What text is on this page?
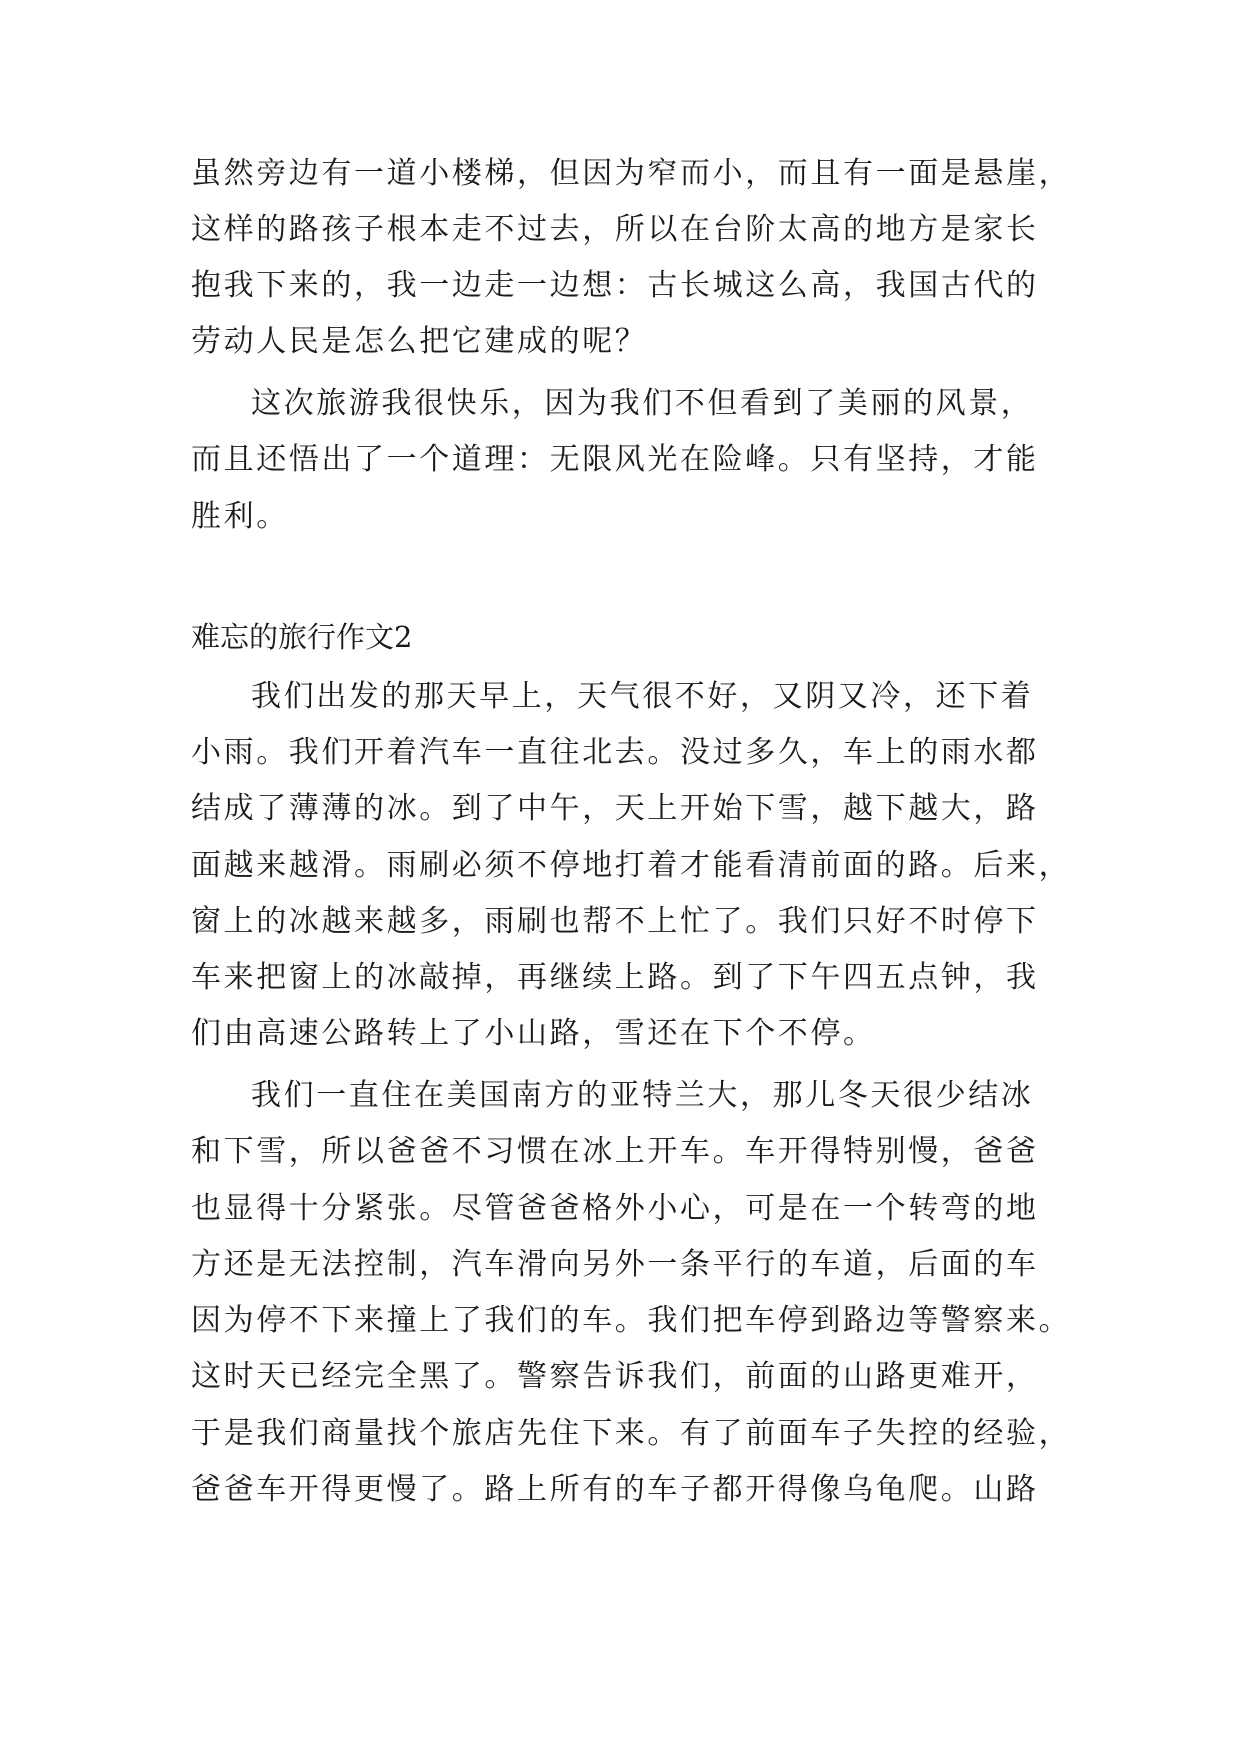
虽然旁边有一道小楼梯，但因为窄而小，而且有一面是悬崖，
这样的路孩子根本走不过去，所以在台阶太高的地方是家长
抱我下来的，我一边走一边想：古长城这么高，我国古代的
劳动人民是怎么把它建成的呢？
这次旅游我很快乐，因为我们不但看到了美丽的风景，
而且还悟出了一个道理：无限风光在险峰。只有坚持，才能
胜利。
难忘的旅行作文2
我们出发的那天早上，天气很不好，又阴又冷，还下着
小雨。我们开着汽车一直往北去。没过多久，车上的雨水都
结成了薄薄的冰。到了中午，天上开始下雪，越下越大，路
面越来越滑。雨刷必须不停地打着才能看清前面的路。后来，
窗上的冰越来越多，雨刷也帮不上忙了。我们只好不时停下
车来把窗上的冰敲掉，再继续上路。到了下午四五点钟，我
们由高速公路转上了小山路，雪还在下个不停。
我们一直住在美国南方的亚特兰大，那儿冬天很少结冰
和下雪，所以爸爸不习惯在冰上开车。车开得特别慢，爸爸
也显得十分紧张。尽管爸爸格外小心，可是在一个转弯的地
方还是无法控制，汽车滑向另外一条平行的车道，后面的车
因为停不下来撞上了我们的车。我们把车停到路边等警察来。
这时天已经完全黑了。警察告诉我们，前面的山路更难开，
于是我们商量找个旅店先住下来。有了前面车子失控的经验，
爸爸车开得更慢了。路上所有的车子都开得像乌龟爬。山路
